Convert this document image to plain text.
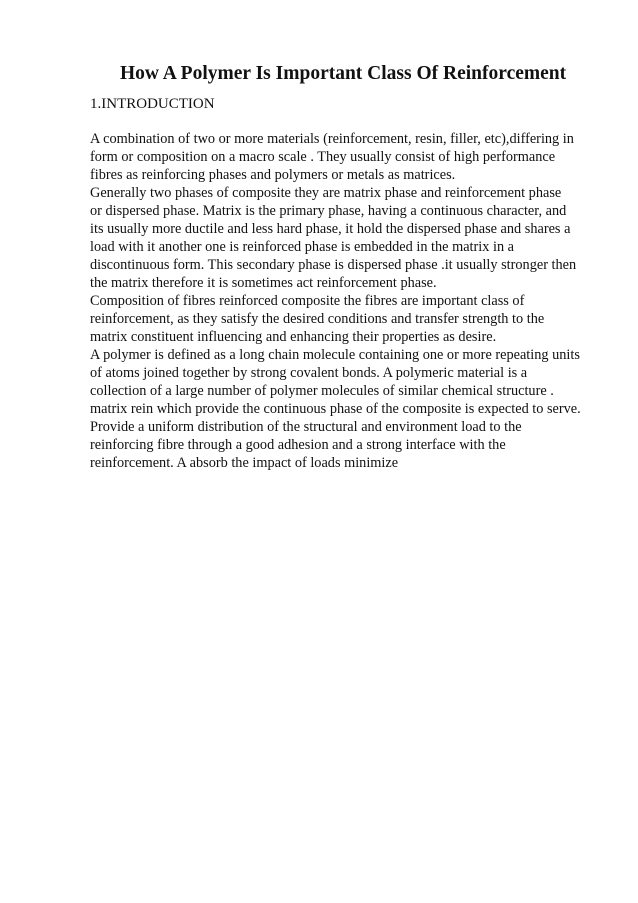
How A Polymer Is Important Class Of Reinforcement
1.INTRODUCTION

A combination of two or more materials (reinforcement, resin, filler, etc),differing in

form or composition on a macro scale . They usually consist of high performance

fibres as reinforcing phases and polymers or metals as matrices.

Generally two phases of composite they are matrix phase and reinforcement phase

or dispersed phase. Matrix is the primary phase, having a continuous character, and

its usually more ductile and less hard phase, it hold the dispersed phase and shares a

load with it another one is reinforced phase is embedded in the matrix in a

discontinuous form. This secondary phase is dispersed phase .it usually stronger then

the matrix therefore it is sometimes act reinforcement phase.

Composition of fibres reinforced composite the fibres are important class of

reinforcement, as they satisfy the desired conditions and transfer strength to the

matrix constituent influencing and enhancing their properties as desire.

A polymer is defined as a long chain molecule containing one or more repeating units

of atoms joined together by strong covalent bonds. A polymeric material is a

collection of a large number of polymer molecules of similar chemical structure .

matrix rein which provide the continuous phase of the composite is expected to serve.

Provide a uniform distribution of the structural and environment load to the

reinforcing fibre through a good adhesion and a strong interface with the

reinforcement. A absorb the impact of loads minimize
